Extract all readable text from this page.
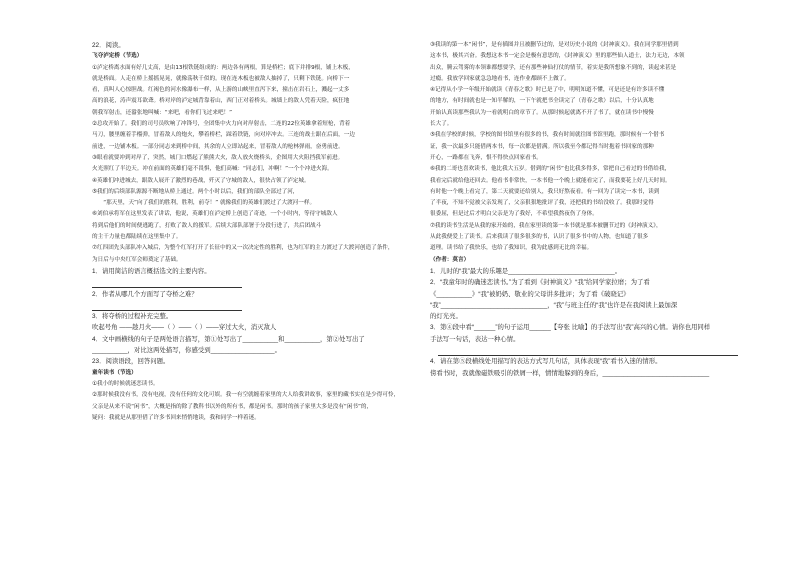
22．阅读。
飞夺泸定桥（节选）
①泸定桥离水面有好几丈高，是由13根铁链组成的：两边各有两根，算是桥栏；底下并排9根，铺上木板，
就是桥面。人走在桥上摇摇晃晃，就像荡秋千似的。现在连木板也被敌人抽掉了，只剩下铁链。向桥下一
看，真叫人心惊胆战。红褐色的河水像瀑布一样，从上游的山峡里直泻下来，撞击在岩石上，溅起一丈多
高的浪花，涛声震耳欲聋。桥对岸的泸定城背靠着山，西门正对着桥头。城墙上的敌人凭着天险，疯狂地
朝我军射击，还嚣张地叫喊：“来吧，看你们飞过来吧！”
②总攻开始了。我们的司号员吹响了冲锋号，全团集中火力向对岸射击，二连的22位英雄拿着短枪，背着
马刀，腰里缠着手榴弹，冒着敌人的炮火，攀着桥栏，踩着铁链，向对岸冲去。三连的战士跟在后面，一边
前进，一边铺木板。一部分同志来到桥中间，其余的人立即站起来，冒着敌人的枪林弹雨，奋勇前进。
③眼看就要冲到对岸了，突然，城门口燃起了熊熊大火，敌人放火烧桥头，企图用大火阻挡我军前进。
火光照红了半边天。冲在前面的英雄们毫不畏惧，他们高喊：“同志们，冲啊！”一个个冲进火海。
④英雄们冲进城去，跟敌人展开了激烈的巷战，歼灭了守城的敌人，很快占领了泸定城。
⑤我们的后续部队源源不断地从桥上通过。两个小时以后，我们的部队全部过了河，
　　“那天里，天”向了我们的胜利，胜利，前夺！” 就像我们的英雄们渡过了大渡河一样。
⑥刘伯承将军在这里发表了讲话，他说，英雄们在泸定桥上创造了奇迹，一个小时内，等待守城敌人
将到后他们的时间便逃跑了，打败了敌人的援军。后续大部队部署于分段行进了，共后团战斗
的主干力量也都陆续在这里集中了。
⑦红四团先头部队冲入城后，为整个红军打开了长征中的又一次决定性的胜利，也为红军的主力渡过了大渡河创造了条件，
为日后与中央红军会师奠定了基础。
1．请用简洁的语言概括选文的主要内容。
2．作者从哪几个方面写了夺桥之难？
3．将夺桥的过程补充完整。
吹起号角 ——趁月火——（ ）——（ ）——穿过大火，消灭敌人
4．文中画横线的句子是两处语言描写，第①处写出了__________和__________，第②处写出了
__________，对比这两处描写，你感受到__________________。
23．阅读语段，回答问题。
童年读书（节选）
①我小的时候就迷恋读书。
②那时候我没有书，没有电视，没有任何的文化可娱。我一有空就缠着家里的大人给我讲故事，家里的藏书实在是少得可怜，
父亲是从来不说“闲书”，大概是指的除了教科书以外的所有书，都是闲书。那时的孩子家里大多是没有“闲书”的，
疑问：我就是从那里借了许多书回来悄悄地读，我和同学一样着迷。
③我读的第一本“闲书”，是有插图并且被删节过的，是对历史小说的《封神演义》。我在同学那里借到
这本书，极其兴奋。我想这本书一定会是极有意思的，《封神演义》里的那些仙人道士，法力无边，本领
出众，腾云驾雾的本领谁都想要学，还有那些神仙打仗的情节，着实是我所想象不到的，读起来甚是
过瘾。我放学回家就急急地看书，连作业都顾不上做了。
④记得从小学一年级开始就读《青春之歌》时已是了中，明明知道不懂，可是还是有许多读不懂
的地方，有时间就也是一知半解的，一下午就把书全读完了（青春之歌）以后，十分认真地
开始认真读那些我认为一看就明白的章节了。从那时候起就离不开了书了，就在读书中慢慢
长大了。
⑤我在学校的时候，学校的图书馆里有很多的书，我有时间就往图书馆里跑，那时候有一个借书
证，我一次最多只能借两本书，每一次都是借满。所以我至今都记得当时抱着书回家的那种
开心，一路都在飞奔，恨不得快点回家看书。
⑥我的二哥也喜欢读书，他比我大五岁。借到的“闲书”也比我多得多，常把自己看过的书借给我，
我看完后就给他还回去。他看书非常快，一本书他一个晚上就能看完了，而我要花上好几天时间。
有时他一个晚上看完了，第二天就要还给别人，我只好熬夜看。有一回为了读完一本书，读到
了半夜，不知不觉被父亲发现了，父亲狠狠地批评了我，还把我的书给没收了。我那时觉得
很委屈，但是过后才明白父亲是为了我好，不希望我熬夜伤了身体。
⑦我的读书生活是从我的家开始的，我在家里读的第一本书就是那本被删节过的《封神演义》，
从此我便爱上了读书。后来我读了很多很多的书，认识了很多书中的人物，也知道了很多
道理。读书给了我快乐，也给了我知识，我为此感到无比的幸福。
（作者：莫言）
1．儿时的“我”最大的乐趣是______________________________。
2．“我童年时的确迷恋读书。”为了看到《封神演义》“我”给同学家拉磨；为了看
《__________》“我”被奶奶、敬业的父母讲多批评；为了看《破晓记》
“我”______________________________，“我”与班主任的“我”也许是在我阅读上最加深
的灯光亮。
3．第④段中看“______”的句子运用______【夸张 比喻】的手法写出“我”高兴的心情。请你也用同样
手法写一句话，表达一种心情。
4．请在第⑤段横线处用描写的表达方式写几句话，具体表现“我”看书入迷的情形。
傍看书时，我就像磁铁吸引的铁屑一样，情情地躲到的身后，______________________________
